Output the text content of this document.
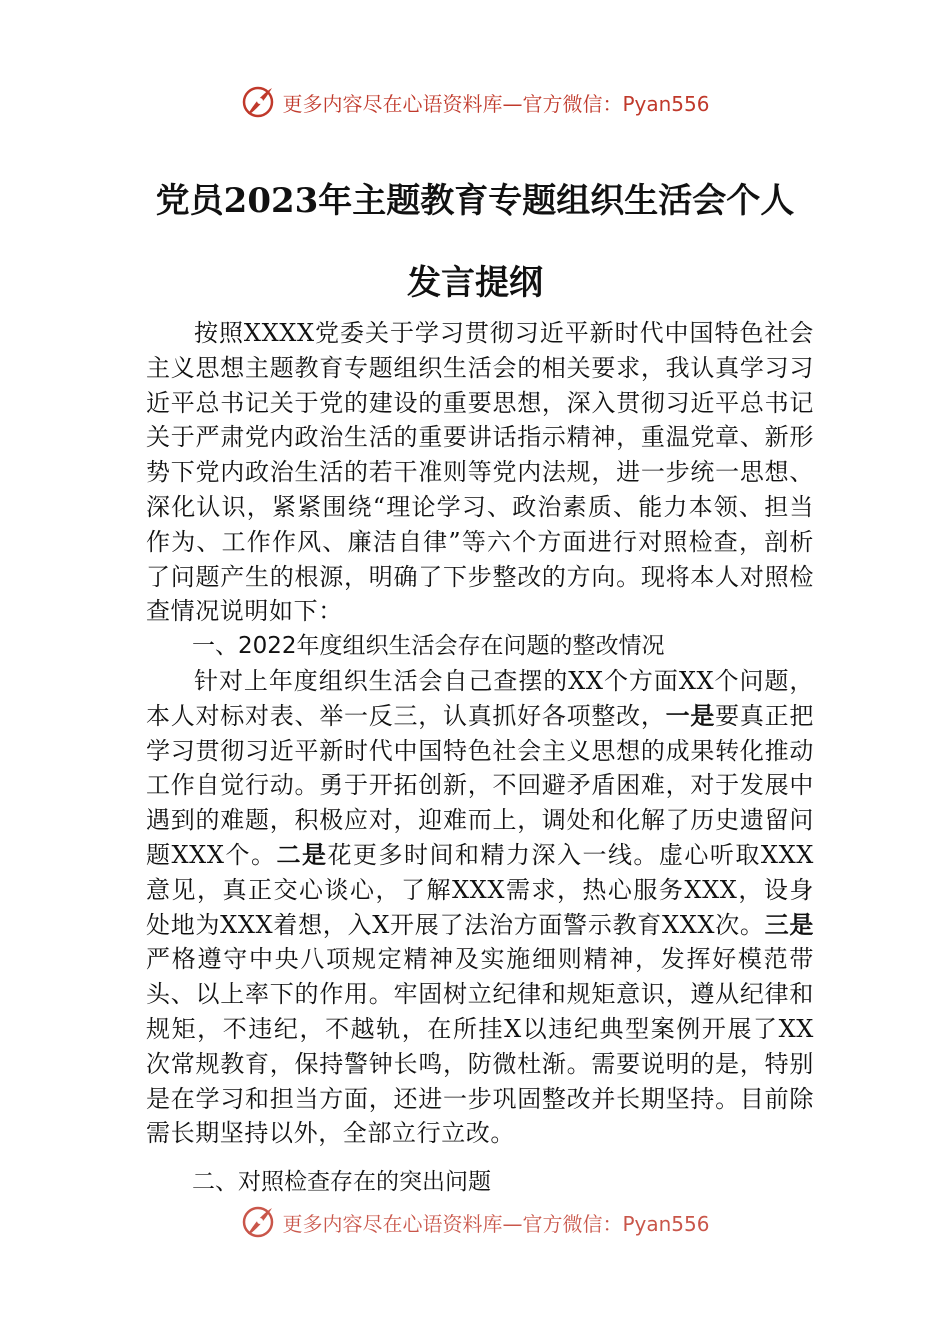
更多内容尽在心语资料库—官方微信：Pyan556
党员2023年主题教育专题组织生活会个人
发言提纲

按照XXXX党委关于学习贯彻习近平新时代中国特色社会主义思想主题教育专题组织生活会的相关要求，我认真学习习近平总书记关于党的建设的重要思想，深入贯彻习近平总书记关于严肃党内政治生活的重要讲话指示精神，重温党章、新形势下党内政治生活的若干准则等党内法规，进一步统一思想、深化认识，紧紧围绕“理论学习、政治素质、能力本领、担当作为、工作作风、廉洁自律”等六个方面进行对照检查，剖析了问题产生的根源，明确了下步整改的方向。现将本人对照检查情况说明如下：

一、2022年度组织生活会存在问题的整改情况

针对上年度组织生活会自己查摆的XX个方面XX个问题，本人对标对表、举一反三，认真抓好各项整改，一是要真正把学习贯彻习近平新时代中国特色社会主义思想的成果转化推动工作自觉行动。勇于开拓创新，不回避矛盾困难，对于发展中遇到的难题，积极应对，迎难而上，调处和化解了历史遗留问题XXX个。二是花更多时间和精力深入一线。虚心听取XXX意见，真正交心谈心，了解XXX需求，热心服务XXX，设身处地为XXX着想，入X开展了法治方面警示教育XXX次。三是严格遵守中央八项规定精神及实施细则精神，发挥好模范带头、以上率下的作用。牢固树立纪律和规矩意识，遵从纪律和规矩，不违纪，不越轨，在所挂X以违纪典型案例开展了XX次常规教育，保持警钟长鸣，防微杜渐。需要说明的是，特别是在学习和担当方面，还进一步巩固整改并长期坚持。目前除需长期坚持以外，全部立行立改。

二、对照检查存在的突出问题

更多内容尽在心语资料库—官方微信：Pyan556
